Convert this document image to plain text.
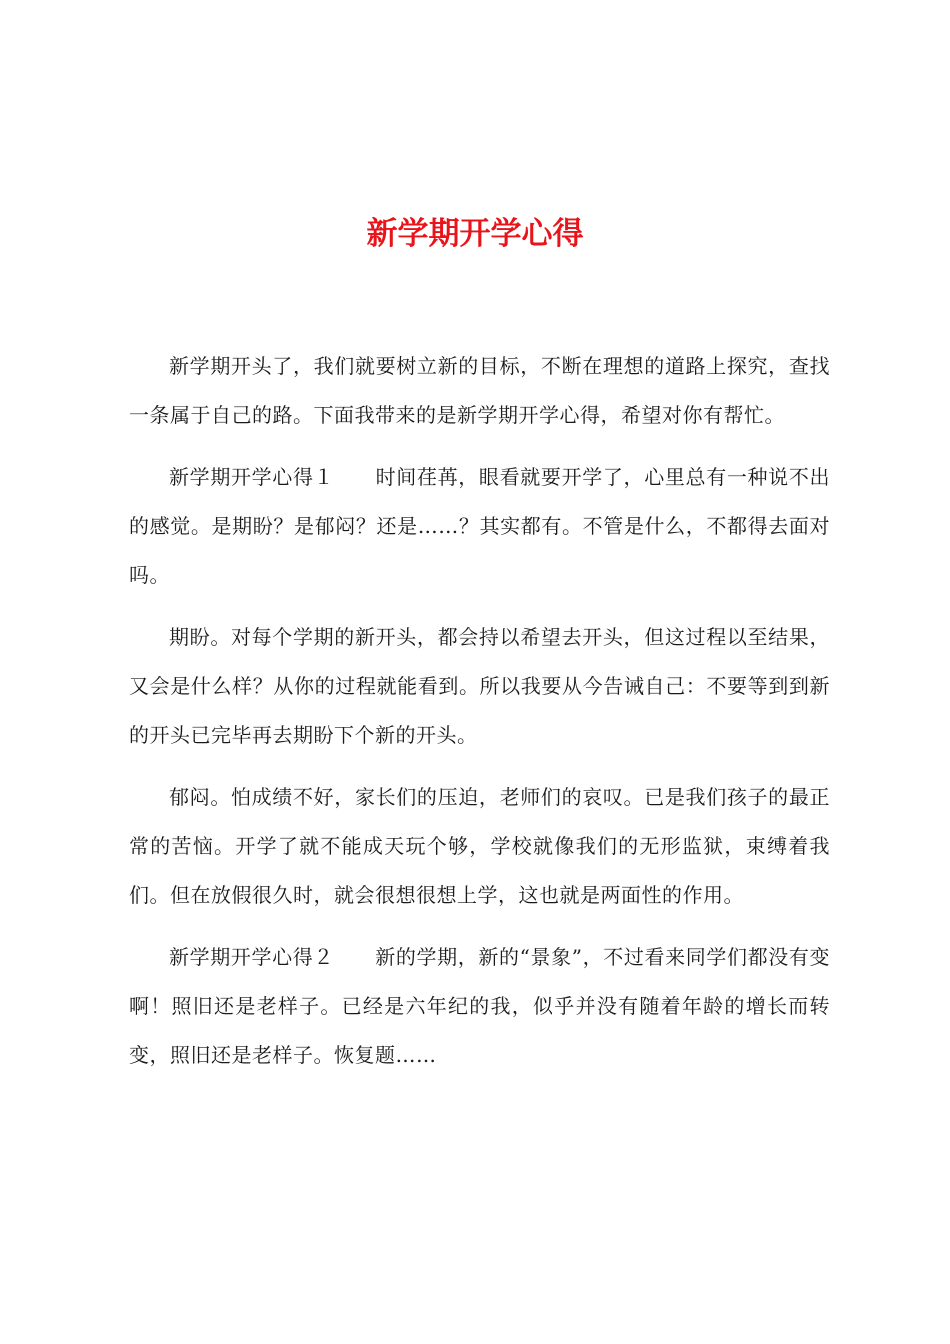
新学期开学心得

新学期开头了，我们就要树立新的目标，不断在理想的道路上探究，查找一条属于自己的路。下面我带来的是新学期开学心得，希望对你有帮忙。

新学期开学心得１　　时间荏苒，眼看就要开学了，心里总有一种说不出的感觉。是期盼？是郁闷？还是……？其实都有。不管是什么，不都得去面对吗。

期盼。对每个学期的新开头，都会持以希望去开头，但这过程以至结果，又会是什么样？从你的过程就能看到。所以我要从今告诫自己：不要等到到新的开头已完毕再去期盼下个新的开头。

郁闷。怕成绩不好，家长们的压迫，老师们的哀叹。已是我们孩子的最正常的苦恼。开学了就不能成天玩个够，学校就像我们的无形监狱，束缚着我们。但在放假很久时，就会很想很想上学，这也就是两面性的作用。

新学期开学心得２　　新的学期，新的“景象”，不过看来同学们都没有变啊！照旧还是老样子。已经是六年纪的我，似乎并没有随着年龄的增长而转变，照旧还是老样子。恢复题……
